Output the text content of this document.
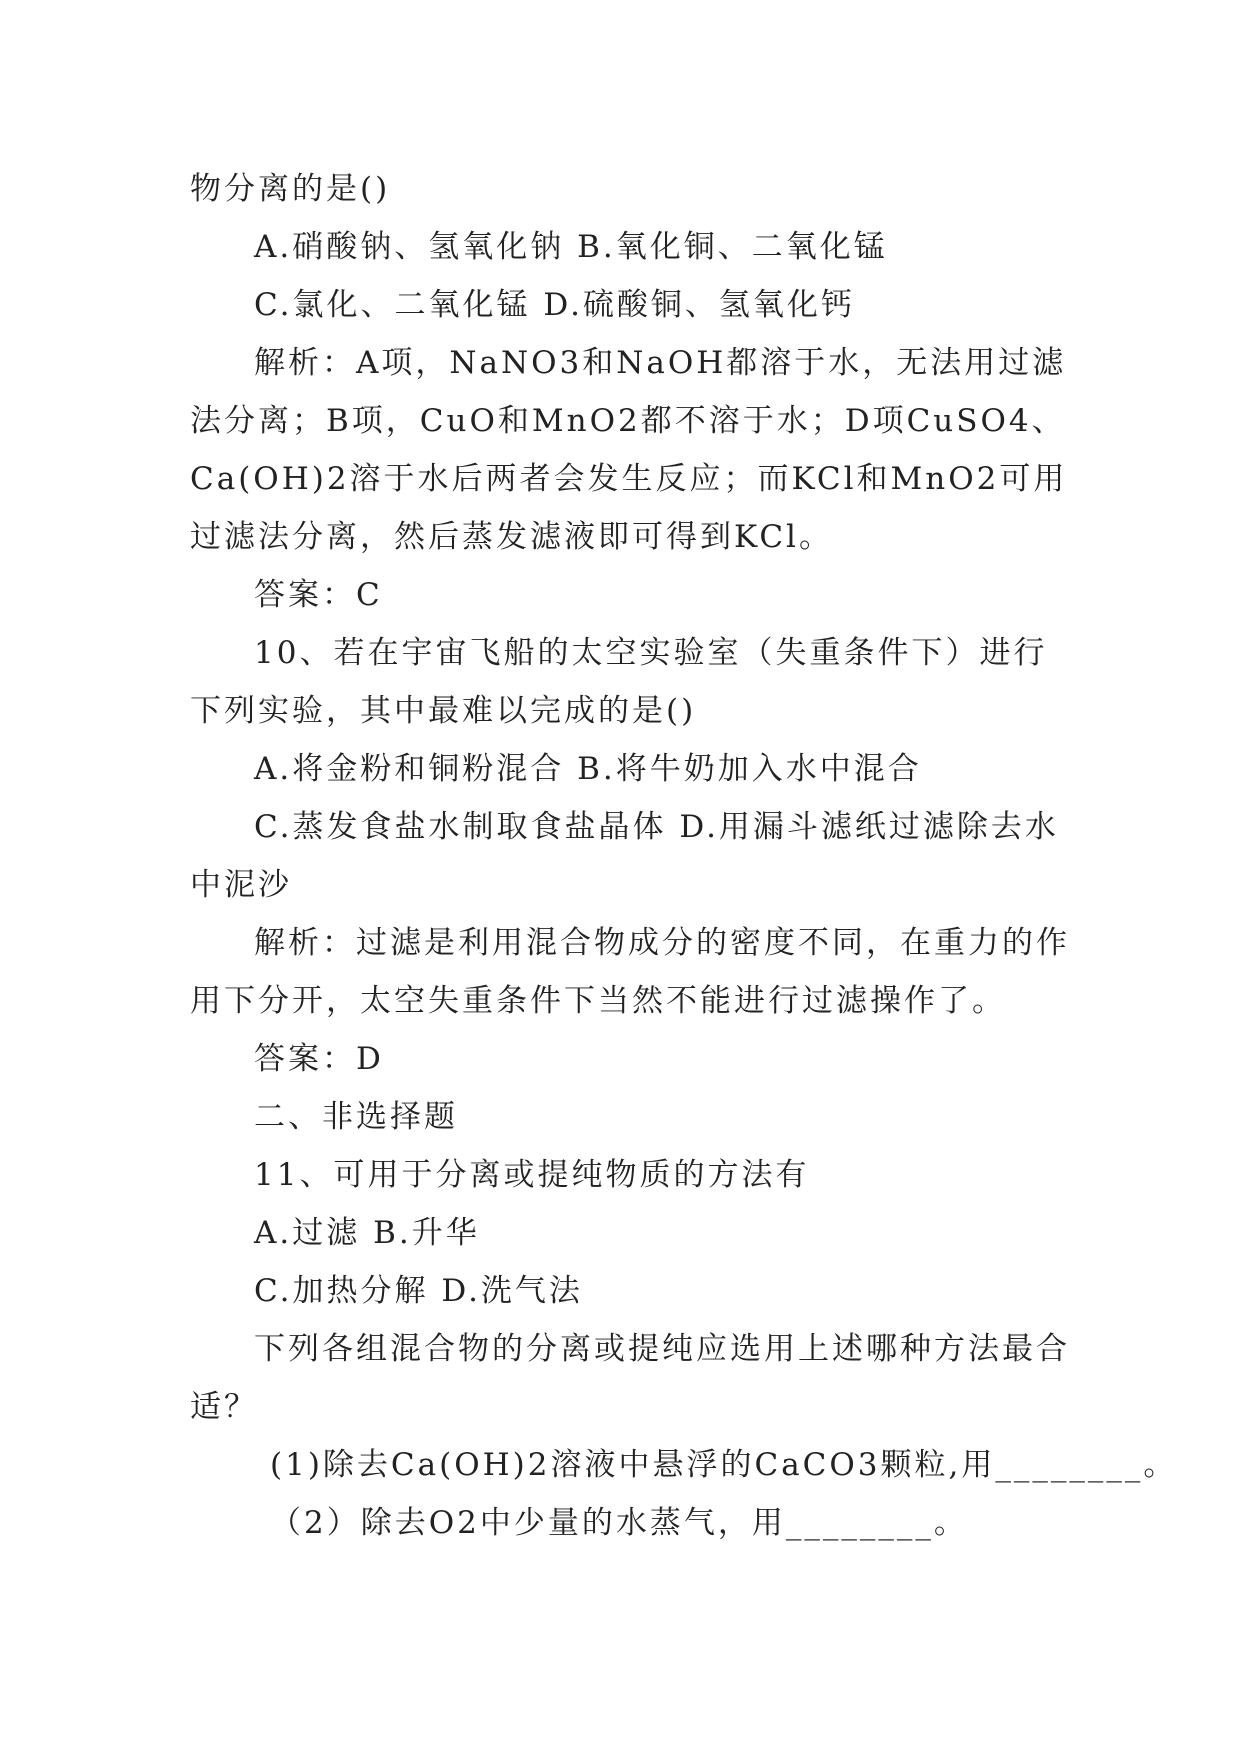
物分离的是()

A.硝酸钠、氢氧化钠 B.氧化铜、二氧化锰

C.氯化、二氧化锰 D.硫酸铜、氢氧化钙

解析：A项，NaNO3和NaOH都溶于水，无法用过滤法分离；B项，CuO和MnO2都不溶于水；D项CuSO4、Ca(OH)2溶于水后两者会发生反应；而KCl和MnO2可用过滤法分离，然后蒸发滤液即可得到KCl。

答案：C

10、若在宇宙飞船的太空实验室（失重条件下）进行下列实验，其中最难以完成的是()

A.将金粉和铜粉混合 B.将牛奶加入水中混合

C.蒸发食盐水制取食盐晶体 D.用漏斗滤纸过滤除去水中泥沙

解析：过滤是利用混合物成分的密度不同，在重力的作用下分开，太空失重条件下当然不能进行过滤操作了。

答案：D

二、非选择题

11、可用于分离或提纯物质的方法有

A.过滤 B.升华

C.加热分解 D.洗气法

下列各组混合物的分离或提纯应选用上述哪种方法最合适？

(1)除去Ca(OH)2溶液中悬浮的CaCO3颗粒,用________。

（2）除去O2中少量的水蒸气，用________。
